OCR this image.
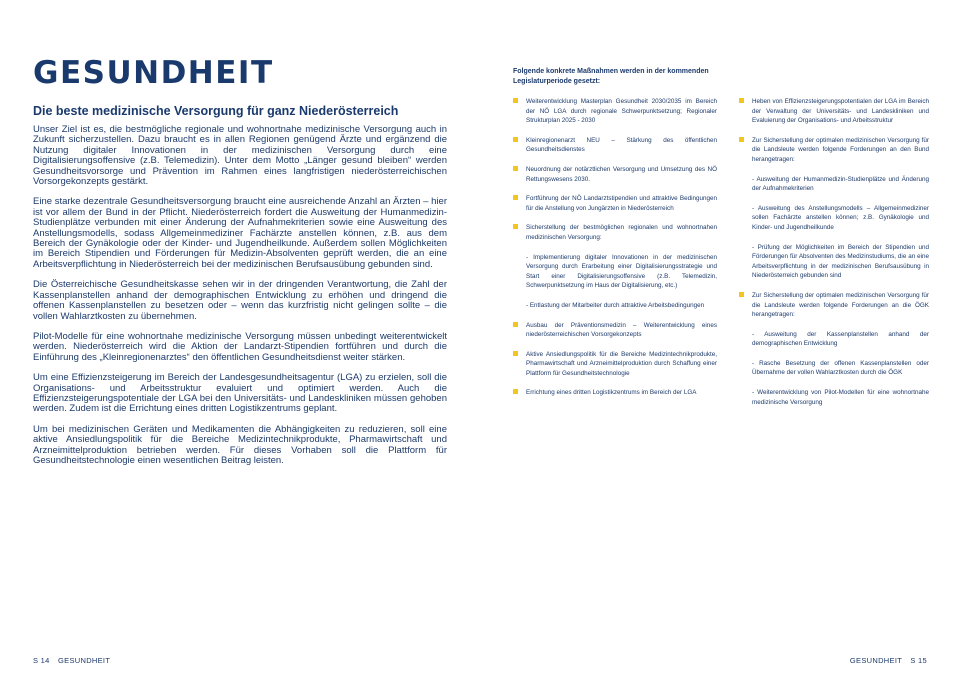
GESUNDHEIT
Die beste medizinische Versorgung für ganz Niederösterreich

Unser Ziel ist es, die bestmögliche regionale und wohnortnahe medizinische Versorgung auch in Zukunft sicherzustellen. Dazu braucht es in allen Regionen genügend Ärzte und ergänzend die Nutzung digitaler Innovationen in der medizinischen Versorgung durch eine Digitalisierungsoffensive (z.B. Telemedizin). Unter dem Motto „Länger gesund bleiben“ werden Gesundheitsvorsorge und Prävention im Rahmen eines langfristigen niederösterreichischen Vorsorgekonzepts gestärkt.

Eine starke dezentrale Gesundheitsversorgung braucht eine ausreichende Anzahl an Ärzten – hier ist vor allem der Bund in der Pflicht. Niederösterreich fordert die Ausweitung der Humanmedizin-Studienplätze verbunden mit einer Änderung der Aufnahmekriterien sowie eine Ausweitung des Anstellungsmodells, sodass Allgemeinmediziner Fachärzte anstellen können, z.B. aus dem Bereich der Gynäkologie oder der Kinder- und Jugendheilkunde. Außerdem sollen Möglichkeiten im Bereich Stipendien und Förderungen für Medizin-Absolventen geprüft werden, die an eine Arbeitsverpflichtung in Niederösterreich bei der medizinischen Berufsausübung gebunden sind.

Die Österreichische Gesundheitskasse sehen wir in der dringenden Verantwortung, die Zahl der Kassenplanstellen anhand der demographischen Entwicklung zu erhöhen und dringend die offenen Kassenplanstellen zu besetzen oder – wenn das kurzfristig nicht gelingen sollte – die vollen Wahlarztkosten zu übernehmen.

Pilot-Modelle für eine wohnortnahe medizinische Versorgung müssen unbedingt weiterentwickelt werden. Niederösterreich wird die Aktion der Landarzt-Stipendien fortführen und durch die Einführung des „Kleinregionenarztes“ den öffentlichen Gesundheitsdienst weiter stärken.

Um eine Effizienzsteigerung im Bereich der Landesgesundheitsagentur (LGA) zu erzielen, soll die Organisations- und Arbeitsstruktur evaluiert und optimiert werden. Auch die Effizienzsteigerungspotentiale der LGA bei den Universitäts- und Landeskliniken müssen gehoben werden. Zudem ist die Errichtung eines dritten Logistikzentrums geplant.

Um bei medizinischen Geräten und Medikamenten die Abhängigkeiten zu reduzieren, soll eine aktive Ansiedlungspolitik für die Bereiche Medizintechnikprodukte, Pharmawirtschaft und Arzneimittelproduktion betrieben werden. Für dieses Vorhaben soll die Plattform für Gesundheitstechnologie einen wesentlichen Beitrag leisten.

S 14 GESUNDHEIT
Folgende konkrete Maßnahmen werden in der kommenden Legislaturperiode gesetzt:
Weiterentwicklung Masterplan Gesundheit 2030/2035 im Bereich der NÖ LGA durch regionale Schwerpunktsetzung; Regionaler Strukturplan 2025 - 2030
Kleinregionenarzt NEU – Stärkung des öffentlichen Gesundheitsdienstes
Neuordnung der notärztlichen Versorgung und Umsetzung des NÖ Rettungswesens 2030.
Fortführung der NÖ Landarztstipendien und attraktive Bedingungen für die Anstellung von Jungärzten in Niederösterreich
Sicherstellung der bestmöglichen regionalen und wohnortnahen medizinischen Versorgung:
- Implementierung digitaler Innovationen in der medizinischen Versorgung durch Erarbeitung einer Digitalisierungsstrategie und Start einer Digitalisierungsoffensive (z.B. Telemedizin, Schwerpunktsetzung im Haus der Digitalisierung, etc.)
- Entlastung der Mitarbeiter durch attraktive Arbeitsbedingungen
Ausbau der Präventionsmedizin – Weiterentwicklung eines niederösterreichischen Vorsorgekonzepts
Aktive Ansiedlungspolitik für die Bereiche Medizintechnikprodukte, Pharmawirtschaft und Arzneimittelproduktion durch Schaffung einer Plattform für Gesundheitstechnologie
Errichtung eines dritten Logistikzentrums im Bereich der LGA
Heben von Effizienzsteigerungspotentialen der LGA im Bereich der Verwaltung der Universitäts- und Landeskliniken und Evaluierung der Organisations- und Arbeitsstruktur
Zur Sicherstellung der optimalen medizinischen Versorgung für die Landsleute werden folgende Forderungen an den Bund herangetragen:
- Ausweitung der Humanmedizin-Studienplätze und Änderung der Aufnahmekriterien
- Ausweitung des Anstellungsmodells – Allgemeinmediziner sollen Fachärzte anstellen können; z.B. Gynäkologie und Kinder- und Jugendheilkunde
- Prüfung der Möglichkeiten im Bereich der Stipendien und Förderungen für Absolventen des Medizinstudiums, die an eine Arbeitsverpflichtung in der medizinischen Berufsausübung in Niederösterreich gebunden sind
Zur Sicherstellung der optimalen medizinischen Versorgung für die Landsleute werden folgende Forderungen an die ÖGK herangetragen:
- Ausweitung der Kassenplanstellen anhand der demographischen Entwicklung
- Rasche Besetzung der offenen Kassenplanstellen oder Übernahme der vollen Wahlarztkosten durch die ÖGK
- Weiterentwicklung von Pilot-Modellen für eine wohnortnahe medizinische Versorgung
GESUNDHEIT S 15
